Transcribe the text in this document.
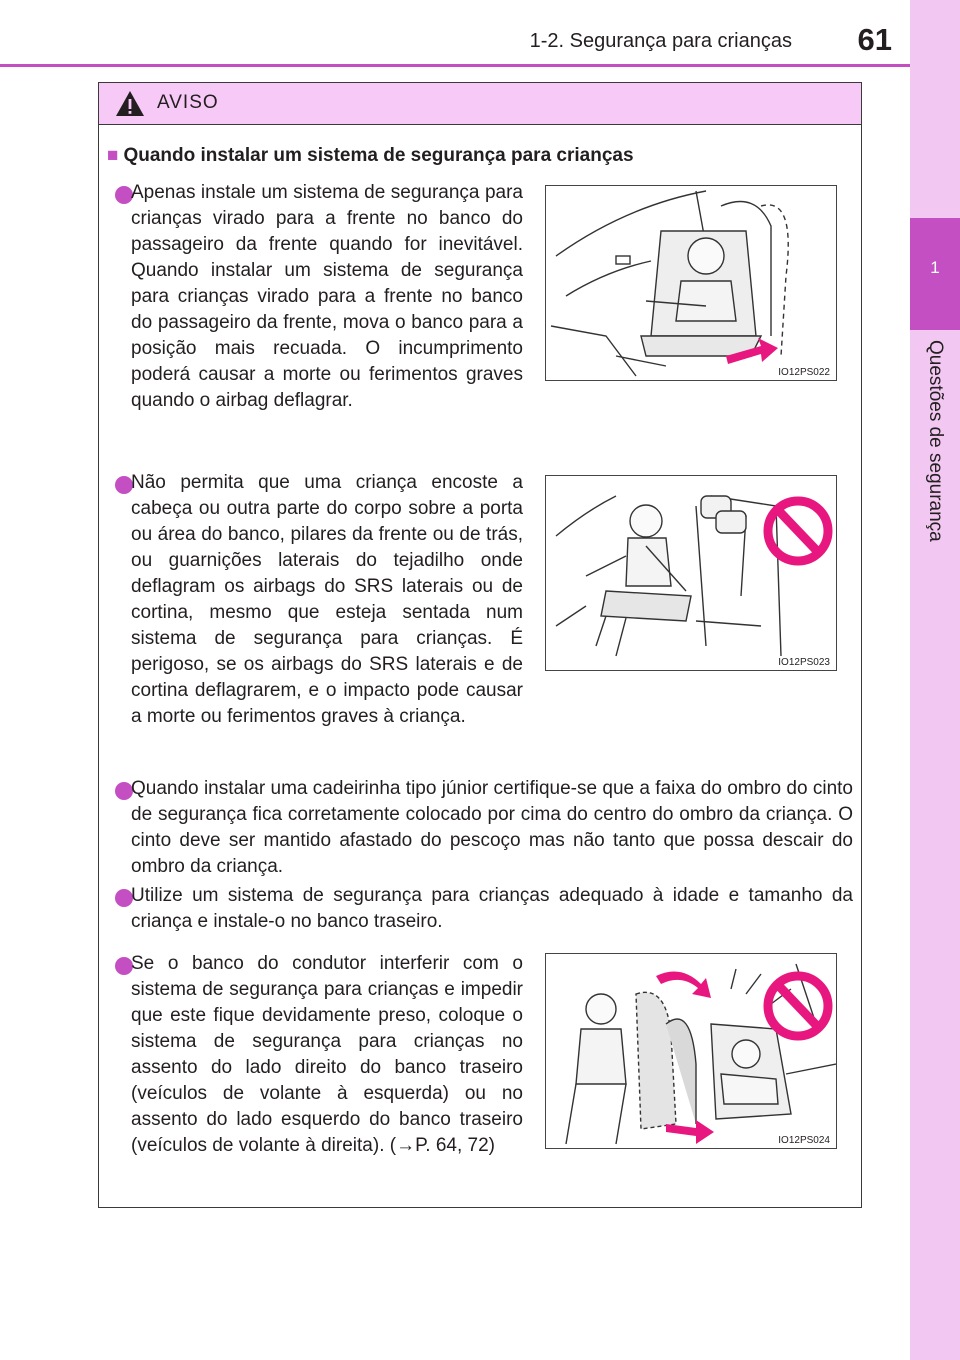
1
Questões de segurança
1-2. Segurança para crianças	61
AVISO
■ Quando instalar um sistema de segurança para crianças

Apenas instale um sistema de segurança para crianças virado para a frente no banco do passageiro da frente quando for inevitável. Quando instalar um sistema de segurança para crianças virado para a frente no banco do passageiro da frente, mova o banco para a posição mais recuada. O incumprimento poderá causar a morte ou ferimentos graves quando o airbag deflagrar.

IO12PS022

Não permita que uma criança encoste a cabeça ou outra parte do corpo sobre a porta ou área do banco, pilares da frente ou de trás, ou guarnições laterais do tejadilho onde deflagram os airbags do SRS laterais ou de cortina, mesmo que esteja sentada num sistema de segurança para crianças. É perigoso, se os airbags do SRS laterais e de cortina deflagrarem, e o impacto pode causar a morte ou ferimentos graves à criança.

IO12PS023

Quando instalar uma cadeirinha tipo júnior certifique-se que a faixa do ombro do cinto de segurança fica corretamente colocado por cima do centro do ombro da criança. O cinto deve ser mantido afastado do pescoço mas não tanto que possa descair do ombro da criança.

Utilize um sistema de segurança para crianças adequado à idade e tamanho da criança e instale-o no banco traseiro.

Se o banco do condutor interferir com o sistema de segurança para crianças e impedir que este fique devidamente preso, coloque o sistema de segurança para crianças no assento do lado direito do banco traseiro (veículos de volante à esquerda) ou no assento do lado esquerdo do banco traseiro (veículos de volante à direita). (→P. 64, 72)	IO12PS024
